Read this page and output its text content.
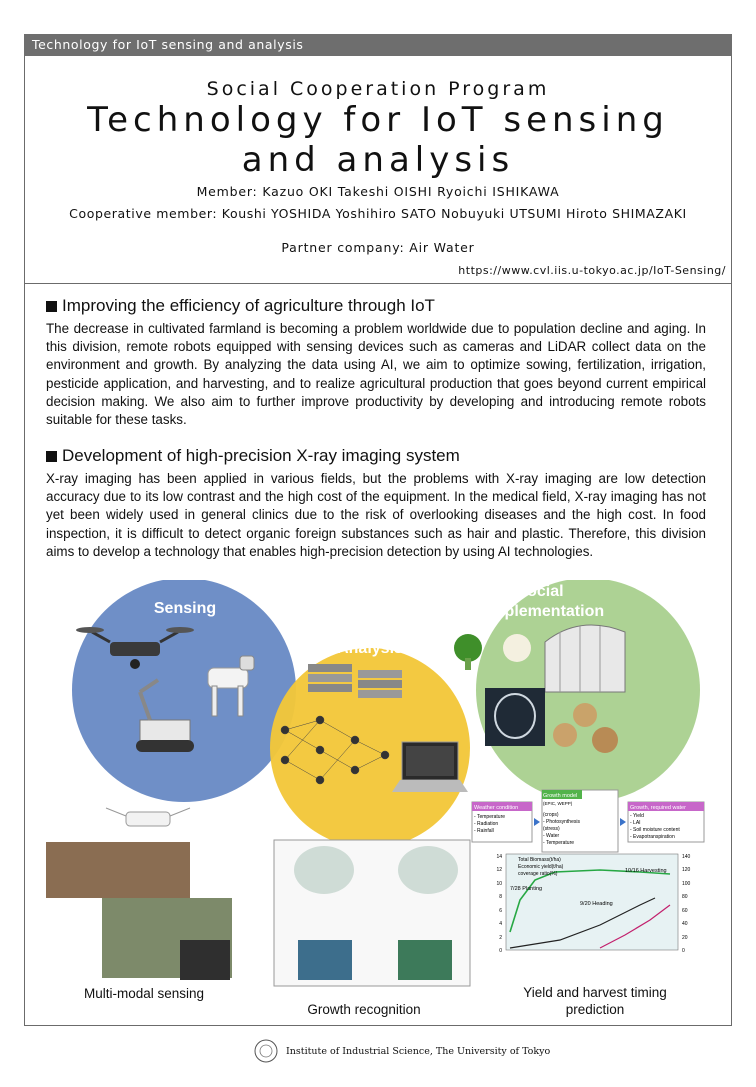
Technology for IoT sensing and analysis
Social Cooperation Program
Technology for IoT sensing
and analysis
Member: Kazuo OKI Takeshi OISHI Ryoichi ISHIKAWA
Cooperative member: Koushi YOSHIDA Yoshihiro SATO Nobuyuki UTSUMI Hiroto SHIMAZAKI
Partner company: Air Water
https://www.cvl.iis.u-tokyo.ac.jp/IoT-Sensing/
Improving the efficiency of agriculture through IoT

The decrease in cultivated farmland is becoming a problem worldwide due to population decline and aging. In this division, remote robots equipped with sensing devices such as cameras and LiDAR collect data on the environment and growth. By analyzing the data using AI, we aim to optimize sowing, fertilization, irrigation, pesticide application, and harvesting, and to realize agricultural production that goes beyond current empirical decision making. We also aim to further improve productivity by developing and introducing remote robots suitable for these tasks.

Development of high-precision X-ray imaging system

X-ray imaging has been applied in various fields, but the problems with X-ray imaging are low detection accuracy due to its low contrast and the high cost of the equipment. In the medical field, X-ray imaging has not yet been widely used in general clinics due to the risk of overlooking diseases and the high cost. In food inspection, it is difficult to detect organic foreign substances such as hair and plastic. Therefore, this division aims to develop a technology that enables high-precision detection by using AI technologies.

Sensing
Analysis
Social
Implementation
Weather condition
- Temperature
- Radiation
- Rainfall
Growth model
(EPIC, WEPP)
(crops)
- Photosynthesis
(stress)
- Water
- Temperature
Growth, required water
- Yield
- LAI
- Soil moisture content
- Evapotranspiration
14
12
10
8
6
4
2
0
140
120
100
80
60
40
20
0
Total Biomass(t/ha)
Economic yield(t/ha)
coverage ratio(%)
7/28 Planting
9/20 Heading
10/16 Harvesting
Multi-modal sensing
Growth recognition
Yield and harvest timing
prediction
Institute of Industrial Science, The University of Tokyo
